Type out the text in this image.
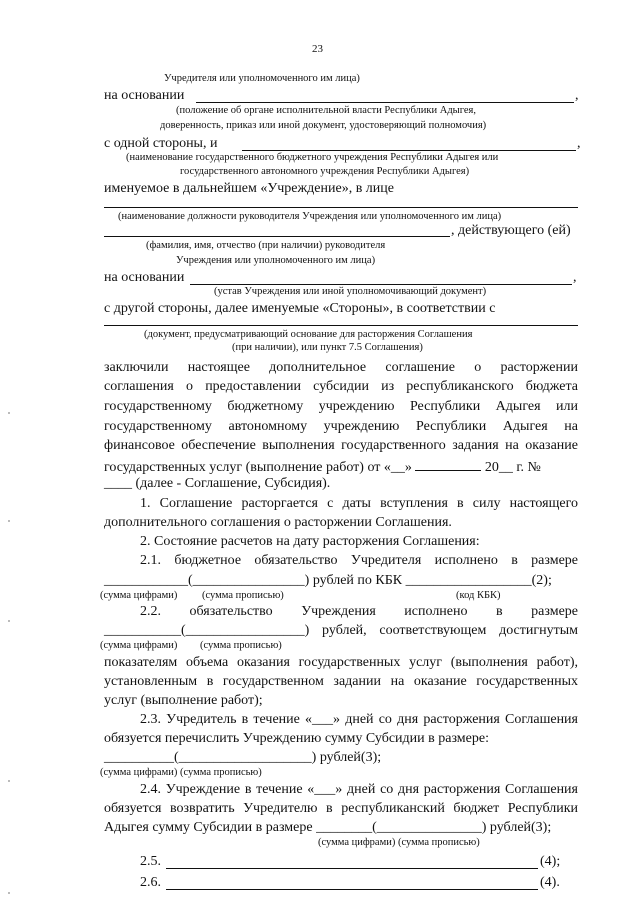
23
Учредителя или уполномоченного им лица)
на основании	,
(положение об органе исполнительной власти Республики Адыгея,
доверенность, приказ или иной документ, удостоверяющий полномочия)
с одной стороны, и	,
(наименование государственного бюджетного учреждения Республики Адыгея или
государственного автономного учреждения Республики Адыгея)
именуемое в дальнейшем «Учреждение», в лице
(наименование должности руководителя Учреждения или уполномоченного им лица)
, действующего (ей)
(фамилия, имя, отчество (при наличии) руководителя
Учреждения или уполномоченного им лица)
на основании	,
(устав Учреждения или иной уполномочивающий документ)
с другой стороны, далее именуемые «Стороны», в соответствии с
(документ, предусматривающий основание для расторжения Соглашения
(при наличии), или пункт 7.5 Соглашения)
заключили настоящее дополнительное соглашение о расторжении
соглашения о предоставлении субсидии из республиканского бюджета
государственному бюджетному учреждению Республики Адыгея или
государственному автономному учреждению Республики Адыгея на
финансовое обеспечение выполнения государственного задания на оказание
государственных услуг (выполнение работ) от «__»	20__ г. №
____ (далее - Соглашение, Субсидия).
1. Соглашение расторгается с даты вступления в силу настоящего
дополнительного соглашения о расторжении Соглашения.
2. Состояние расчетов на дату расторжения Соглашения:
2.1. бюджетное обязательство Учредителя исполнено в размере
____________(________________) рублей по КБК __________________(2);
(сумма цифрами) (сумма прописью)	(код КБК)
2.2. обязательство Учреждения исполнено в размере
___________(_________________) рублей, соответствующем достигнутым
(сумма цифрами) (сумма прописью)
показателям объема оказания государственных услуг (выполнения работ),
установленным в государственном задании на оказание государственных
услуг (выполнение работ);
2.3. Учредитель в течение «___» дней со дня расторжения Соглашения
обязуется перечислить Учреждению сумму Субсидии в размере:
__________(___________________) рублей(3);
(сумма цифрами) (сумма прописью)
2.4. Учреждение в течение «___» дней со дня расторжения Соглашения
обязуется возвратить Учредителю в республиканский бюджет Республики
Адыгея сумму Субсидии в размере ________(_______________) рублей(3);
(сумма цифрами) (сумма прописью)
2.5.	(4);
2.6.	(4).
